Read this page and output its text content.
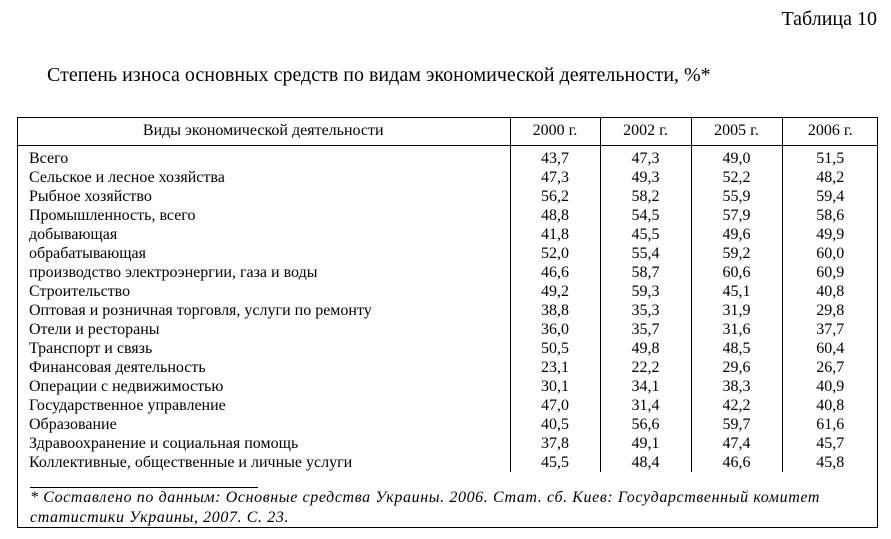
Таблица 10
Степень износа основных средств по видам экономической деятельности, %*
Виды экономической деятельности	2000 г.	2002 г.	2005 г.	2006 г.
Всего	43,7	47,3	49,0	51,5
Сельское и лесное хозяйства	47,3	49,3	52,2	48,2
Рыбное хозяйство	56,2	58,2	55,9	59,4
Промышленность, всего	48,8	54,5	57,9	58,6
добывающая	41,8	45,5	49,6	49,9
обрабатывающая	52,0	55,4	59,2	60,0
производство электроэнергии, газа и воды	46,6	58,7	60,6	60,9
Строительство	49,2	59,3	45,1	40,8
Оптовая и розничная торговля, услуги по ремонту	38,8	35,3	31,9	29,8
Отели и рестораны	36,0	35,7	31,6	37,7
Транспорт и связь	50,5	49,8	48,5	60,4
Финансовая деятельность	23,1	22,2	29,6	26,7
Операции с недвижимостью	30,1	34,1	38,3	40,9
Государственное управление	47,0	31,4	42,2	40,8
Образование	40,5	56,6	59,7	61,6
Здравоохранение и социальная помощь	37,8	49,1	47,4	45,7
Коллективные, общественные и личные услуги	45,5	48,4	46,6	45,8
* Составлено по данным: Основные средства Украины. 2006. Стат. сб. Киев: Государственный комитет статистики Украины, 2007. С. 23.
